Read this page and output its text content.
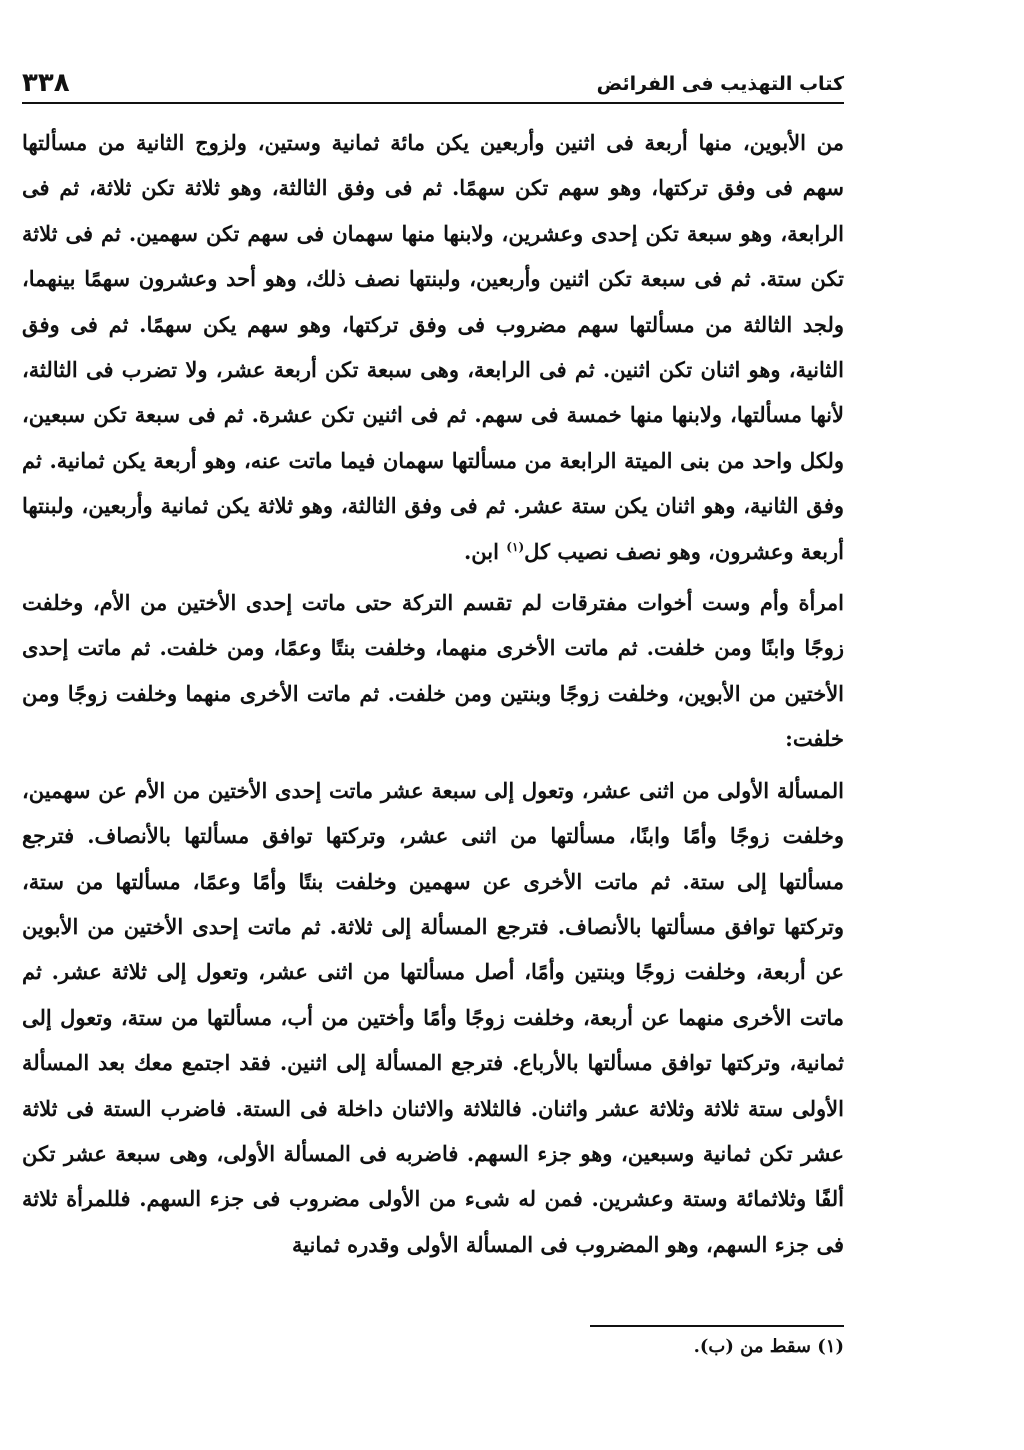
كتاب التهذيب فى الفرائض
٣٣٨

من الأبوين، منها أربعة فى اثنين وأربعين يكن مائة ثمانية وستين، ولزوج الثانية من مسألتها سهم فى وفق تركتها، وهو سهم تكن سهمًا. ثم فى وفق الثالثة، وهو ثلاثة تكن ثلاثة، ثم فى الرابعة، وهو سبعة تكن إحدى وعشرين، ولابنها منها سهمان فى سهم تكن سهمين. ثم فى ثلاثة تكن ستة. ثم فى سبعة تكن اثنين وأربعين، ولبنتها نصف ذلك، وهو أحد وعشرون سهمًا بينهما، ولجد الثالثة من مسألتها سهم مضروب فى وفق تركتها، وهو سهم يكن سهمًا. ثم فى وفق الثانية، وهو اثنان تكن اثنين. ثم فى الرابعة، وهى سبعة تكن أربعة عشر، ولا تضرب فى الثالثة، لأنها مسألتها، ولابنها منها خمسة فى سهم. ثم فى اثنين تكن عشرة. ثم فى سبعة تكن سبعين، ولكل واحد من بنى الميتة الرابعة من مسألتها سهمان فيما ماتت عنه، وهو أربعة يكن ثمانية. ثم وفق الثانية، وهو اثنان يكن ستة عشر. ثم فى وفق الثالثة، وهو ثلاثة يكن ثمانية وأربعين، ولبنتها أربعة وعشرون، وهو نصف نصيب كل$^{(١)}$ ابن.

امرأة وأم وست أخوات مفترقات لم تقسم التركة حتى ماتت إحدى الأختين من الأم، وخلفت زوجًا وابنًا ومن خلفت. ثم ماتت الأخرى منهما، وخلفت بنتًا وعمًا، ومن خلفت. ثم ماتت إحدى الأختين من الأبوين، وخلفت زوجًا وبنتين ومن خلفت. ثم ماتت الأخرى منهما وخلفت زوجًا ومن خلفت:

المسألة الأولى من اثنى عشر، وتعول إلى سبعة عشر ماتت إحدى الأختين من الأم عن سهمين، وخلفت زوجًا وأمًا وابنًا، مسألتها من اثنى عشر، وتركتها توافق مسألتها بالأنصاف. فترجع مسألتها إلى ستة. ثم ماتت الأخرى عن سهمين وخلفت بنتًا وأمًا وعمًا، مسألتها من ستة، وتركتها توافق مسألتها بالأنصاف. فترجع المسألة إلى ثلاثة. ثم ماتت إحدى الأختين من الأبوين عن أربعة، وخلفت زوجًا وبنتين وأمًا، أصل مسألتها من اثنى عشر، وتعول إلى ثلاثة عشر. ثم ماتت الأخرى منهما عن أربعة، وخلفت زوجًا وأمًا وأختين من أب، مسألتها من ستة، وتعول إلى ثمانية، وتركتها توافق مسألتها بالأرباع. فترجع المسألة إلى اثنين. فقد اجتمع معك بعد المسألة الأولى ستة ثلاثة وثلاثة عشر واثنان. فالثلاثة والاثنان داخلة فى الستة. فاضرب الستة فى ثلاثة عشر تكن ثمانية وسبعين، وهو جزء السهم. فاضربه فى المسألة الأولى، وهى سبعة عشر تكن ألفًا وثلاثمائة وستة وعشرين. فمن له شىء من الأولى مضروب فى جزء السهم. فللمرأة ثلاثة فى جزء السهم، وهو المضروب فى المسألة الأولى وقدره ثمانية

(١) سقط من (ب).
